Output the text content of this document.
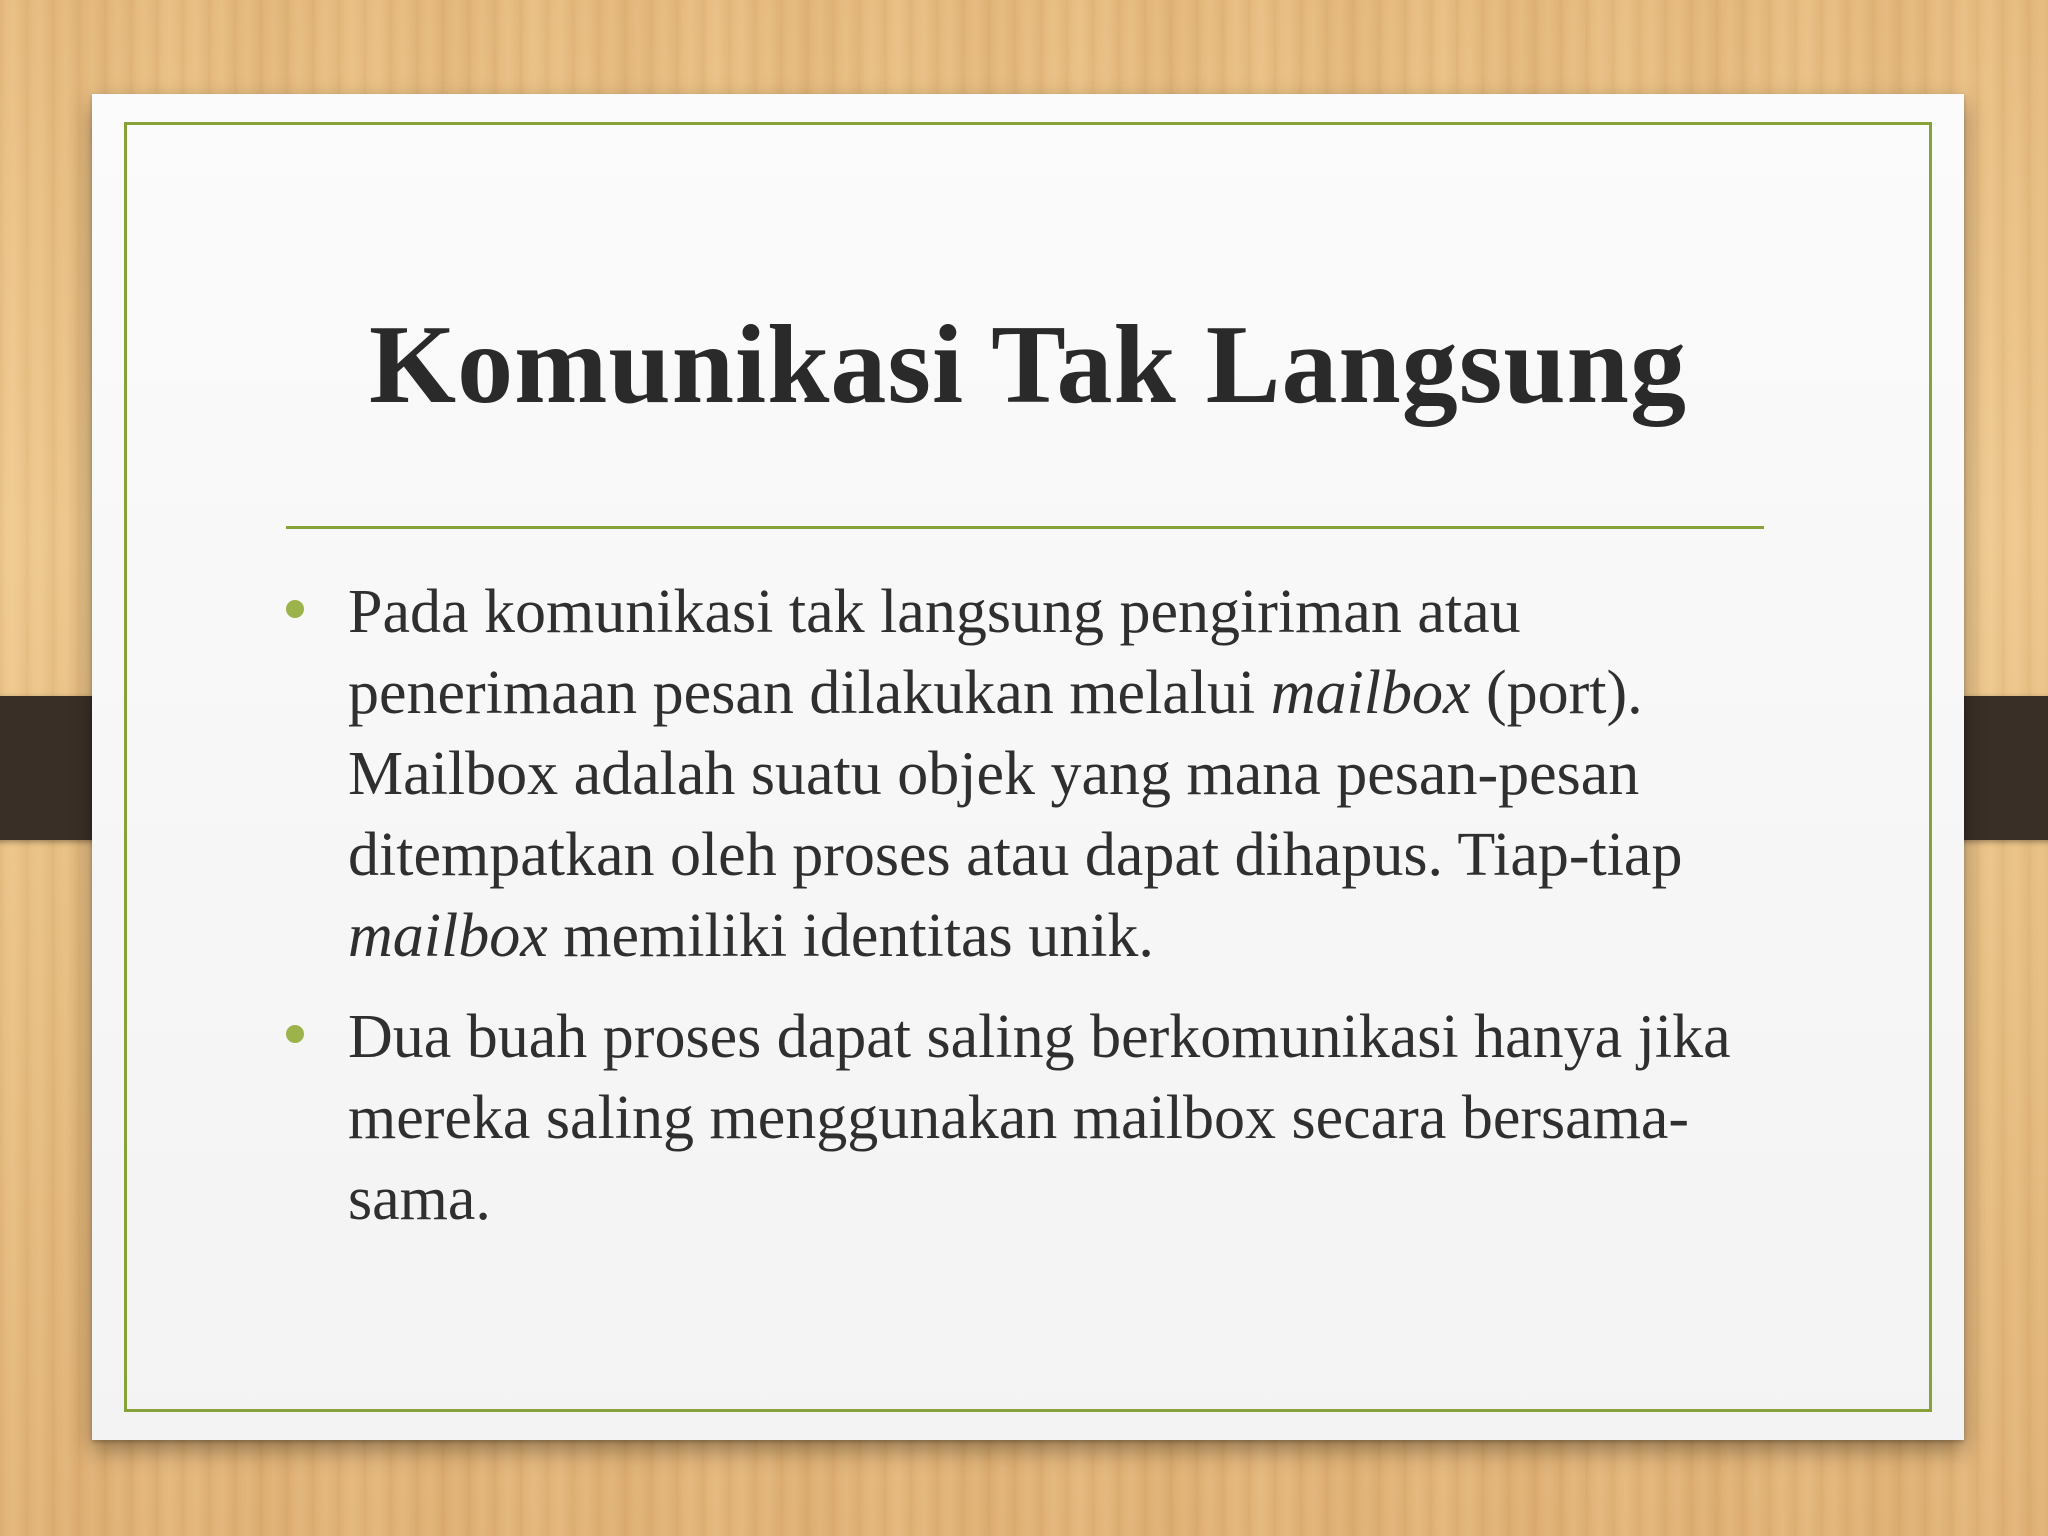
Komunikasi Tak Langsung
Pada komunikasi tak langsung pengiriman atau penerimaan pesan dilakukan melalui mailbox (port). Mailbox adalah suatu objek yang mana pesan-pesan ditempatkan oleh proses atau dapat dihapus. Tiap-tiap mailbox memiliki identitas unik.
Dua buah proses dapat saling berkomunikasi hanya jika mereka saling menggunakan mailbox secara bersama-sama.
